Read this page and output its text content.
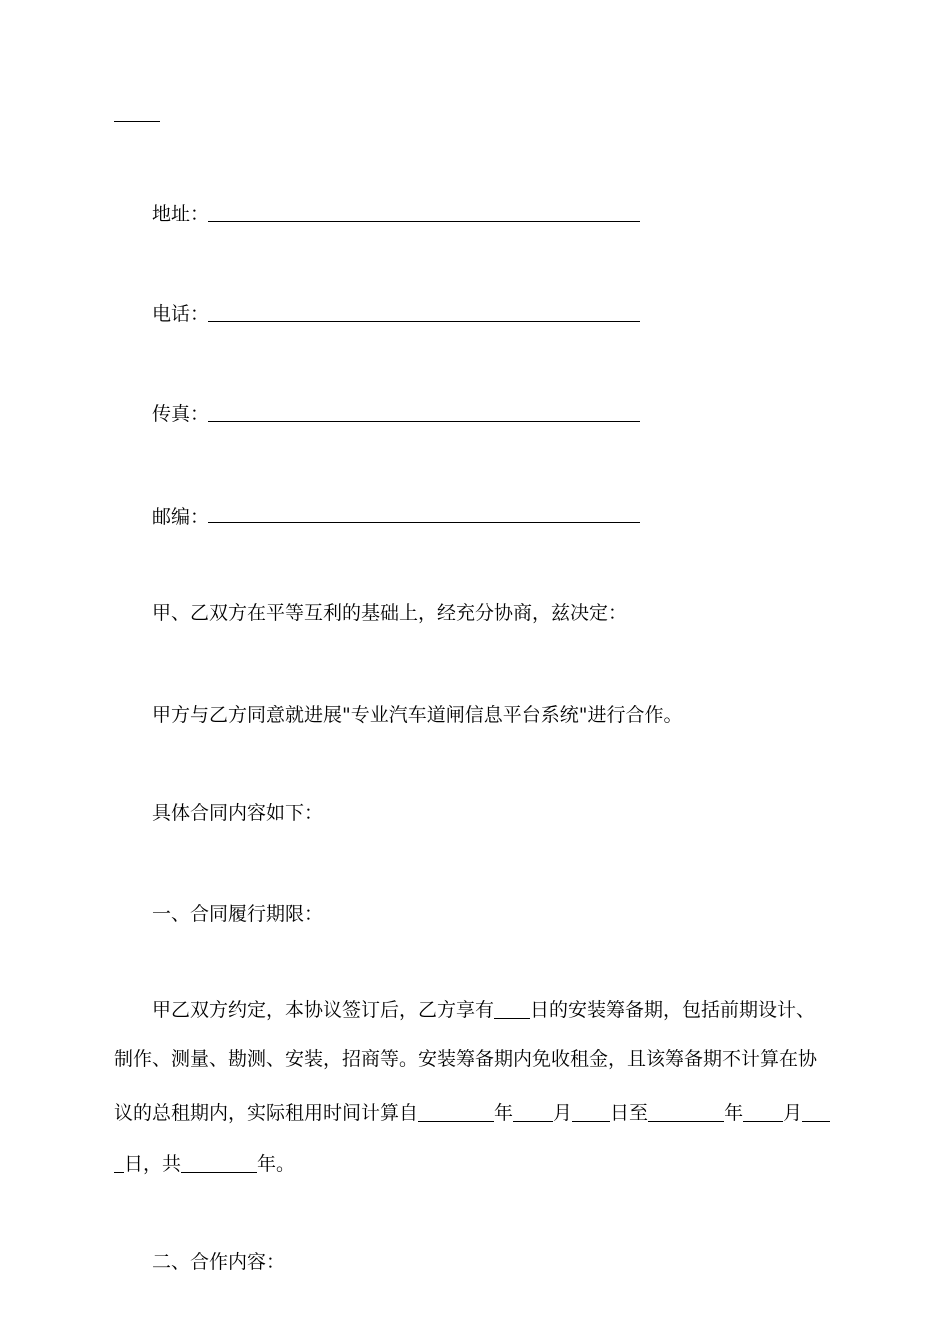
地址：
电话：
传真：
邮编：
甲、乙双方在平等互利的基础上，经充分协商，兹决定：
甲方与乙方同意就进展"专业汽车道闸信息平台系统"进行合作。
具体合同内容如下：
一、合同履行期限：
甲乙双方约定，本协议签订后，乙方享有 日的安装筹备期，包括前期设计、
制作、测量、勘测、安装，招商等。安装筹备期内免收租金，且该筹备期不计算在协
议的总租期内，实际租用时间计算自	年 月 日至	年 月
日，共	年。
二、合作内容：
